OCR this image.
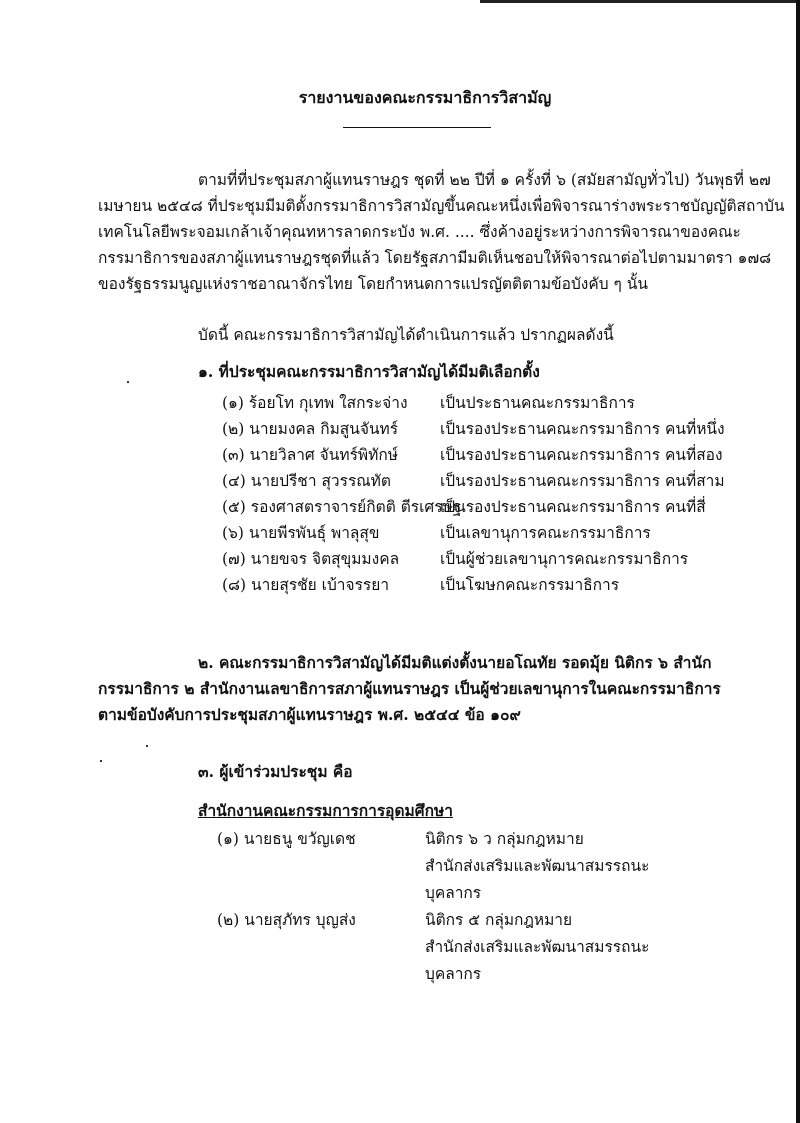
รายงานของคณะกรรมาธิการวิสามัญ
ตามที่ที่ประชุมสภาผู้แทนราษฎร ชุดที่ ๒๒ ปีที่ ๑ ครั้งที่ ๖ (สมัยสามัญทั่วไป) วันพุธที่ ๒๗
เมษายน ๒๕๔๘ ที่ประชุมมีมติตั้งกรรมาธิการวิสามัญขึ้นคณะหนึ่งเพื่อพิจารณาร่างพระราชบัญญัติสถาบัน
เทคโนโลยีพระจอมเกล้าเจ้าคุณทหารลาดกระบัง พ.ศ. .... ซึ่งค้างอยู่ระหว่างการพิจารณาของคณะ
กรรมาธิการของสภาผู้แทนราษฎรชุดที่แล้ว โดยรัฐสภามีมติเห็นชอบให้พิจารณาต่อไปตามมาตรา ๑๗๘
ของรัฐธรรมนูญแห่งราชอาณาจักรไทย โดยกำหนดการแปรญัตติตามข้อบังคับ ๆ นั้น
บัดนี้ คณะกรรมาธิการวิสามัญได้ดำเนินการแล้ว ปรากฏผลดังนี้
๑. ที่ประชุมคณะกรรมาธิการวิสามัญได้มีมติเลือกตั้ง
(๑) ร้อยโท กุเทพ ใสกระจ่าง เป็นประธานคณะกรรมาธิการ
(๒) นายมงคล กิมสูนจันทร์	เป็นรองประธานคณะกรรมาธิการ คนที่หนึ่ง
(๓) นายวิลาศ จันทร์พิทักษ์	เป็นรองประธานคณะกรรมาธิการ คนที่สอง
(๔) นายปรีชา สุวรรณทัต	เป็นรองประธานคณะกรรมาธิการ คนที่สาม
(๕) รองศาสตราจารย์กิตติ ตีรเศรษฐ
เป็นรองประธานคณะกรรมาธิการ คนที่สี่
(๖) นายพีรพันธุ์ พาลุสุข	เป็นเลขานุการคณะกรรมาธิการ
(๗) นายขจร จิตสุขุมมงคล	เป็นผู้ช่วยเลขานุการคณะกรรมาธิการ
(๘) นายสุรชัย เบ้าจรรยา	เป็นโฆษกคณะกรรมาธิการ
๒. คณะกรรมาธิการวิสามัญได้มีมติแต่งตั้งนายอโณทัย รอดมุ้ย นิติกร ๖ สำนัก
กรรมาธิการ ๒ สำนักงานเลขาธิการสภาผู้แทนราษฎร เป็นผู้ช่วยเลขานุการในคณะกรรมาธิการ
ตามข้อบังคับการประชุมสภาผู้แทนราษฎร พ.ศ. ๒๕๔๔ ข้อ ๑๐๙
๓. ผู้เข้าร่วมประชุม คือ
สำนักงานคณะกรรมการการอุดมศึกษา
(๑) นายธนู ขวัญเดช	นิติกร ๖ ว กลุ่มกฎหมาย
สำนักส่งเสริมและพัฒนาสมรรถนะ
บุคลากร
(๒) นายสุภัทร บุญส่ง	นิติกร ๕ กลุ่มกฎหมาย
สำนักส่งเสริมและพัฒนาสมรรถนะ
บุคลากร
